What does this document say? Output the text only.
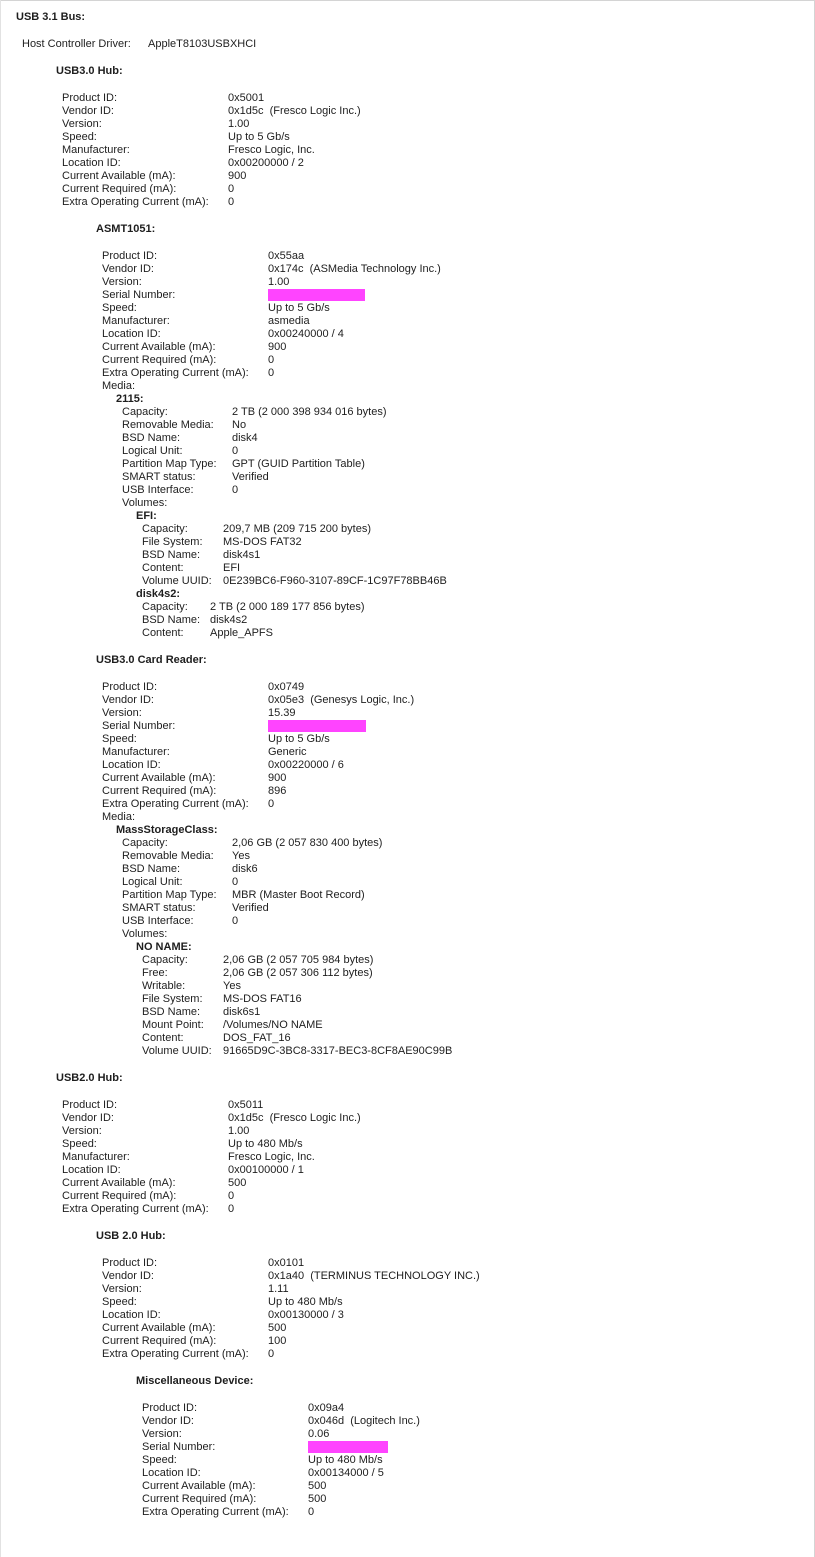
USB 3.1 Bus:
Host Controller Driver: AppleT8103USBXHCI
USB3.0 Hub:
Product ID:	0x5001
Vendor ID:	0x1d5c  (Fresco Logic Inc.)
Version:	1.00
Speed:	Up to 5 Gb/s
Manufacturer:	Fresco Logic, Inc.
Location ID:	0x00200000 / 2
Current Available (mA):	900
Current Required (mA):	0
Extra Operating Current (mA): 0
ASMT1051:
Product ID:	0x55aa
Vendor ID:	0x174c  (ASMedia Technology Inc.)
Version:	1.00
Serial Number:
Speed:	Up to 5 Gb/s
Manufacturer:	asmedia
Location ID:	0x00240000 / 4
Current Available (mA):	900
Current Required (mA):	0
Extra Operating Current (mA): 0
Media:
2115:
Capacity:	2 TB (2 000 398 934 016 bytes)
Removable Media: No
BSD Name:	disk4
Logical Unit:	0
Partition Map Type: GPT (GUID Partition Table)
SMART status:	Verified
USB Interface:	0
Volumes:
EFI:
Capacity:	209,7 MB (209 715 200 bytes)
File System: MS-DOS FAT32
BSD Name: disk4s1
Content:	EFI
Volume UUID: 0E239BC6-F960-3107-89CF-1C97F78BB46B
disk4s2:
Capacity: 2 TB (2 000 189 177 856 bytes)
BSD Name: disk4s2
Content: Apple_APFS
USB3.0 Card Reader:
Product ID:	0x0749
Vendor ID:	0x05e3  (Genesys Logic, Inc.)
Version:	15.39
Serial Number:
Speed:	Up to 5 Gb/s
Manufacturer:	Generic
Location ID:	0x00220000 / 6
Current Available (mA):	900
Current Required (mA):	896
Extra Operating Current (mA): 0
Media:
MassStorageClass:
Capacity:	2,06 GB (2 057 830 400 bytes)
Removable Media: Yes
BSD Name:	disk6
Logical Unit:	0
Partition Map Type: MBR (Master Boot Record)
SMART status:	Verified
USB Interface:	0
Volumes:
NO NAME:
Capacity:	2,06 GB (2 057 705 984 bytes)
Free:	2,06 GB (2 057 306 112 bytes)
Writable:	Yes
File System: MS-DOS FAT16
BSD Name: disk6s1
Mount Point: /Volumes/NO NAME
Content:	DOS_FAT_16
Volume UUID: 91665D9C-3BC8-3317-BEC3-8CF8AE90C99B
USB2.0 Hub:
Product ID:	0x5011
Vendor ID:	0x1d5c  (Fresco Logic Inc.)
Version:	1.00
Speed:	Up to 480 Mb/s
Manufacturer:	Fresco Logic, Inc.
Location ID:	0x00100000 / 1
Current Available (mA):	500
Current Required (mA):	0
Extra Operating Current (mA): 0
USB 2.0 Hub:
Product ID:	0x0101
Vendor ID:	0x1a40  (TERMINUS TECHNOLOGY INC.)
Version:	1.11
Speed:	Up to 480 Mb/s
Location ID:	0x00130000 / 3
Current Available (mA):	500
Current Required (mA):	100
Extra Operating Current (mA): 0
Miscellaneous Device:
Product ID:	0x09a4
Vendor ID:	0x046d  (Logitech Inc.)
Version:	0.06
Serial Number:
Speed:	Up to 480 Mb/s
Location ID:	0x00134000 / 5
Current Available (mA):	500
Current Required (mA):	500
Extra Operating Current (mA): 0
